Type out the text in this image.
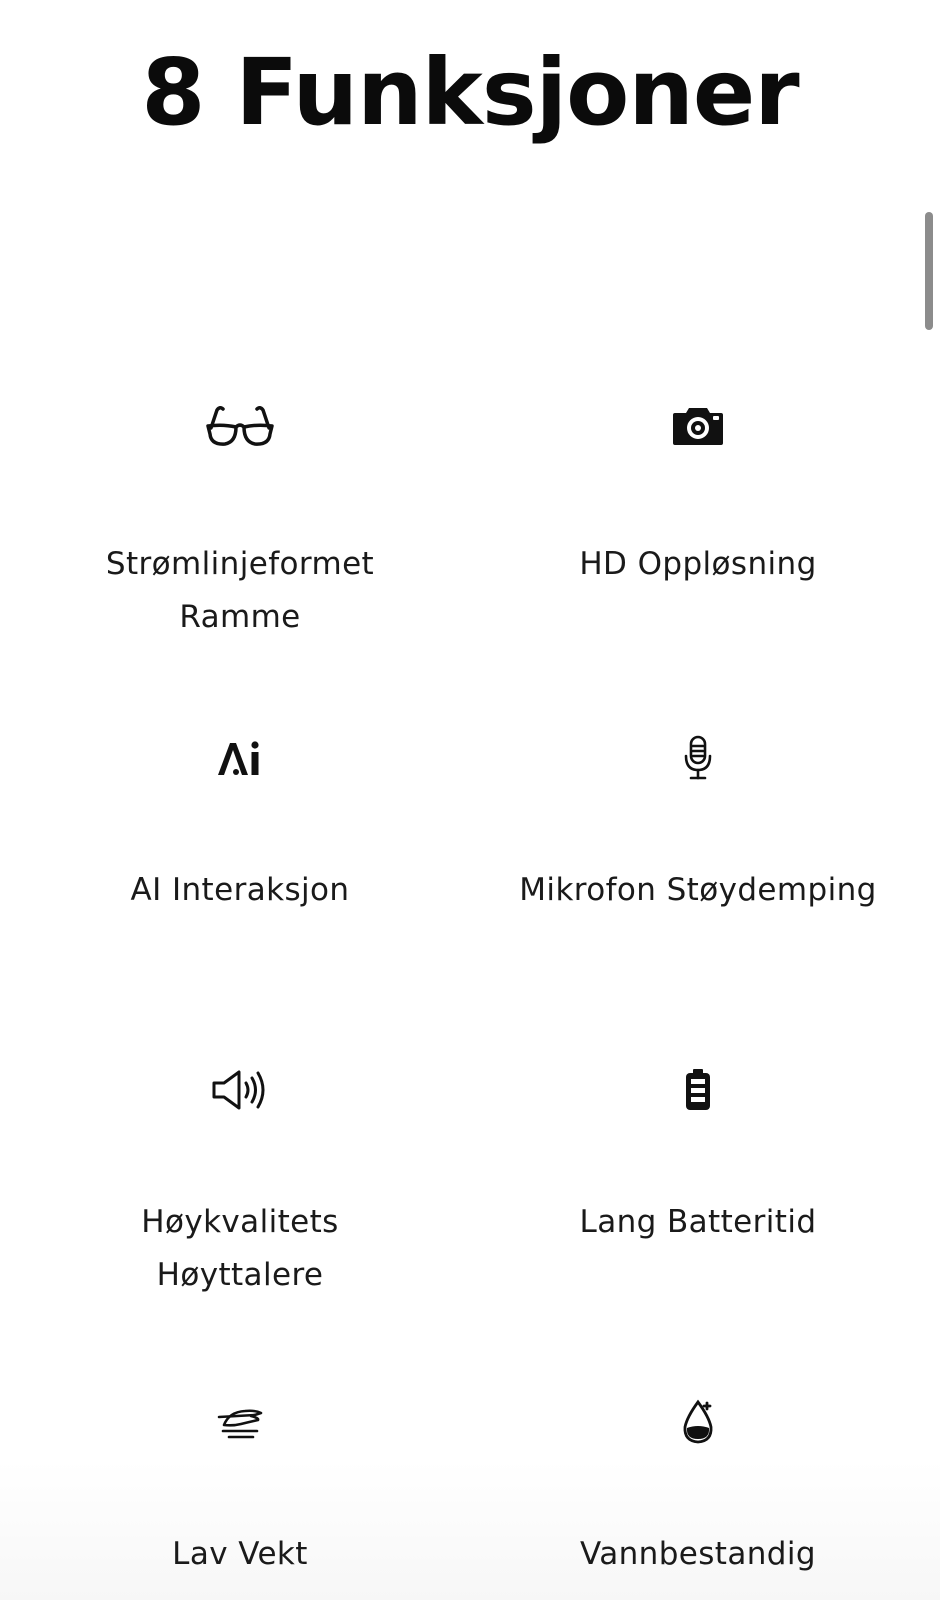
8 Funksjoner
Strømlinjeformet Ramme
HD Oppløsning
AI Interaksjon	Mikrofon Støydemping
Høykvalitets Høyttalere
Lang Batteritid
Lav Vekt	Vannbestandig
